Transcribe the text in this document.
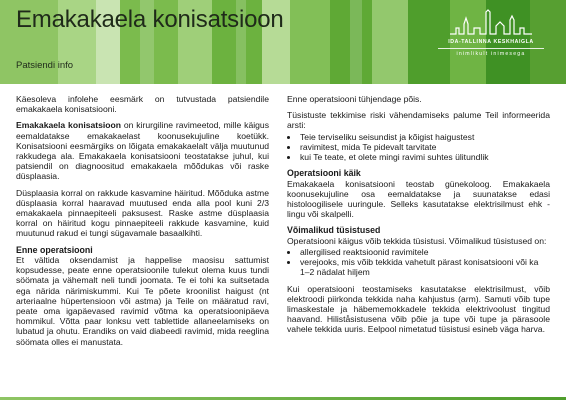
Emakakaela konisatsioon
Patsiendi info
IDA-TALLINNA KESKHAIGLA
inimlikult inimesega

Käesoleva infolehe eesmärk on tutvustada patsiendile emakakaela konisatsiooni.

Emakakaela konisatsioon on kirurgiline ravimeetod, mille käigus eemaldatakse emakakaelast koonusekujuline koetükk. Konisatsiooni eesmärgiks on lõigata emakakaelalt välja muutunud rakkudega ala. Emakakaela konisatsiooni teostatakse juhul, kui patsiendil on diagnoositud emakakaela mõõdukas või raske düsplaasia.

Düsplaasia korral on rakkude kasvamine häiritud. Mõõduka astme düsplaasia korral haaravad muutused enda alla pool kuni 2/3 emakakaela pinnaepiteeli paksusest. Raske astme düsplaasia korral on häiritud kogu pinnaepiteeli rakkude kasvamine, kuid muutunud rakud ei tungi sügavamale basaalkihti.

Enne operatsiooni

Et vältida oksendamist ja happelise maosisu sattumist kopsudesse, peate enne operatsioonile tulekut olema kuus tundi söömata ja vähemalt neli tundi joomata. Te ei tohi ka suitsetada ega närida närimiskummi. Kui Te põete kroonilist haigust (nt arteriaalne hüpertensioon või astma) ja Teile on määratud ravi, peate oma igapäevased ravimid võtma ka operatsioonipäeva hommikul. Võtta paar lonksu vett tablettide allaneelamiseks on lubatud ja ohutu. Erandiks on vaid diabeedi ravimid, mida reeglina söömata olles ei manustata.

Enne operatsiooni tühjendage põis.

Tüsistuste tekkimise riski vähendamiseks palume Teil informeerida arsti:

• Teie terviseliku seisundist ja kõigist haigustest
• ravimitest, mida Te pidevalt tarvitate
• kui Te teate, et olete mingi ravimi suhtes ülitundlik
Operatsiooni käik

Emakakaela konisatsiooni teostab günekoloog. Emakakaela koonusekujuline osa eemaldatakse ja suunatakse edasi histoloogilisele uuringule. Selleks kasutatakse elektrisilmust ehk -lingu või skalpelli.

Võimalikud tüsistused

Operatsiooni käigus võib tekkida tüsistusi. Võimalikud tüsistused on:

• allergilised reaktsioonid ravimitele
• verejooks, mis võib tekkida vahetult pärast konisatsiooni või ka 1–2 nädalat hiljem

Kui operatsiooni teostamiseks kasutatakse elektrisilmust, võib elektroodi piirkonda tekkida naha kahjustus (arm). Samuti võib tupe limaskestale ja häbememokkadele tekkida elektrivoolust tingitud haavand. Hiliståsistusena võib põie ja tupe või tupe ja pärasoole vahele tekkida uuris. Eelpool nimetatud tüsistusi esineb väga harva.
